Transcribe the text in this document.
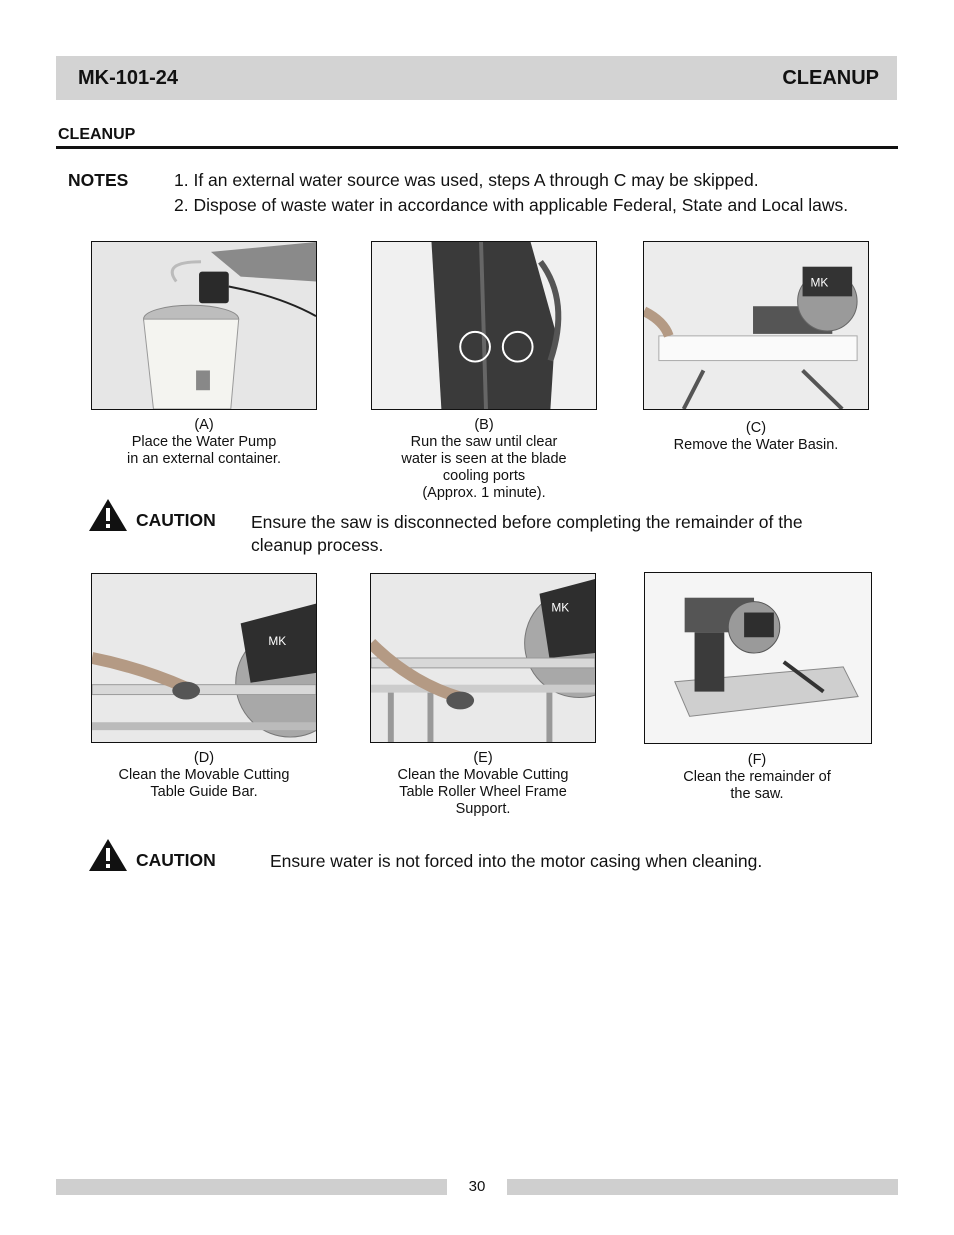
MK-101-24	CLEANUP
CLEANUP
NOTES	1. If an external water source was used, steps A through C may be skipped.
2. Dispose of waste water in accordance with applicable Federal, State and Local laws.
MK
(A)
Place the Water Pump
in an external container.
(B)
Run the saw until clear
water is seen at the blade
cooling ports
(Approx. 1 minute).
(C)
Remove the Water Basin.
CAUTION Ensure the saw is disconnected before completing the remainder of the
cleanup process.
MK
MK
(D)
Clean the Movable Cutting
Table Guide Bar.
(E)
Clean the Movable Cutting
Table Roller Wheel Frame
Support.
(F)
Clean the remainder of
the saw.
CAUTION	Ensure water is not forced into the motor casing when cleaning.
30
